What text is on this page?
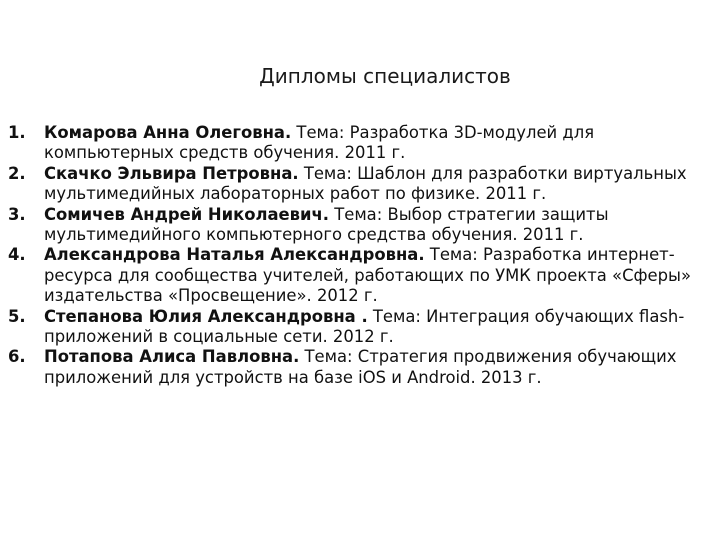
Дипломы специалистов
1. Комарова Анна Олеговна. Тема: Разработка 3D-модулей для компьютерных средств обучения. 2011 г.
2. Скачко Эльвира Петровна. Тема: Шаблон для разработки виртуальных мультимедийных лабораторных работ по физике. 2011 г.
3. Сомичев Андрей Николаевич. Тема: Выбор стратегии защиты мультимедийного компьютерного средства обучения. 2011 г.
4. Александрова Наталья Александровна. Тема: Разработка интернет-ресурса для сообщества учителей, работающих по УМК проекта «Сферы» издательства «Просвещение». 2012 г.
5. Степанова Юлия Александровна . Тема: Интеграция обучающих flash-приложений в социальные сети. 2012 г.
6. Потапова Алиса Павловна. Тема: Стратегия продвижения обучающих приложений для устройств на базе iOS и Android. 2013 г.
